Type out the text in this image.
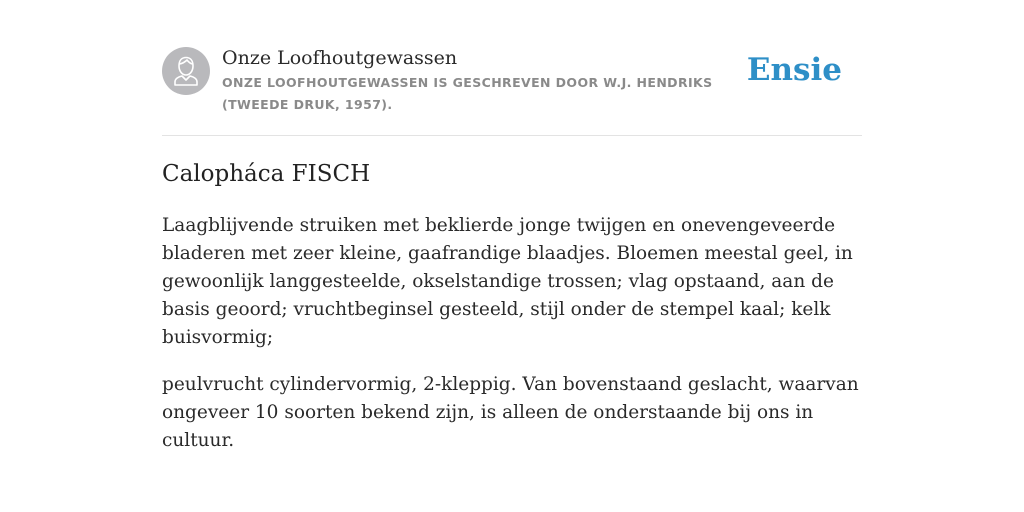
Onze Loofhoutgewassen
ONZE LOOFHOUTGEWASSEN IS GESCHREVEN DOOR W.J. HENDRIKS (TWEEDE DRUK, 1957).
Ensie
Calopháca FISCH

Laagblijvende struiken met beklierde jonge twijgen en onevengeveerde bladeren met zeer kleine, gaafrandige blaadjes. Bloemen meestal geel, in gewoonlijk langgesteelde, okselstandige trossen; vlag opstaand, aan de basis geoord; vruchtbeginsel gesteeld, stijl onder de stempel kaal; kelk buisvormig;

peulvrucht cylindervormig, 2-kleppig. Van bovenstaand geslacht, waarvan ongeveer 10 soorten bekend zijn, is alleen de onderstaande bij ons in cultuur.
